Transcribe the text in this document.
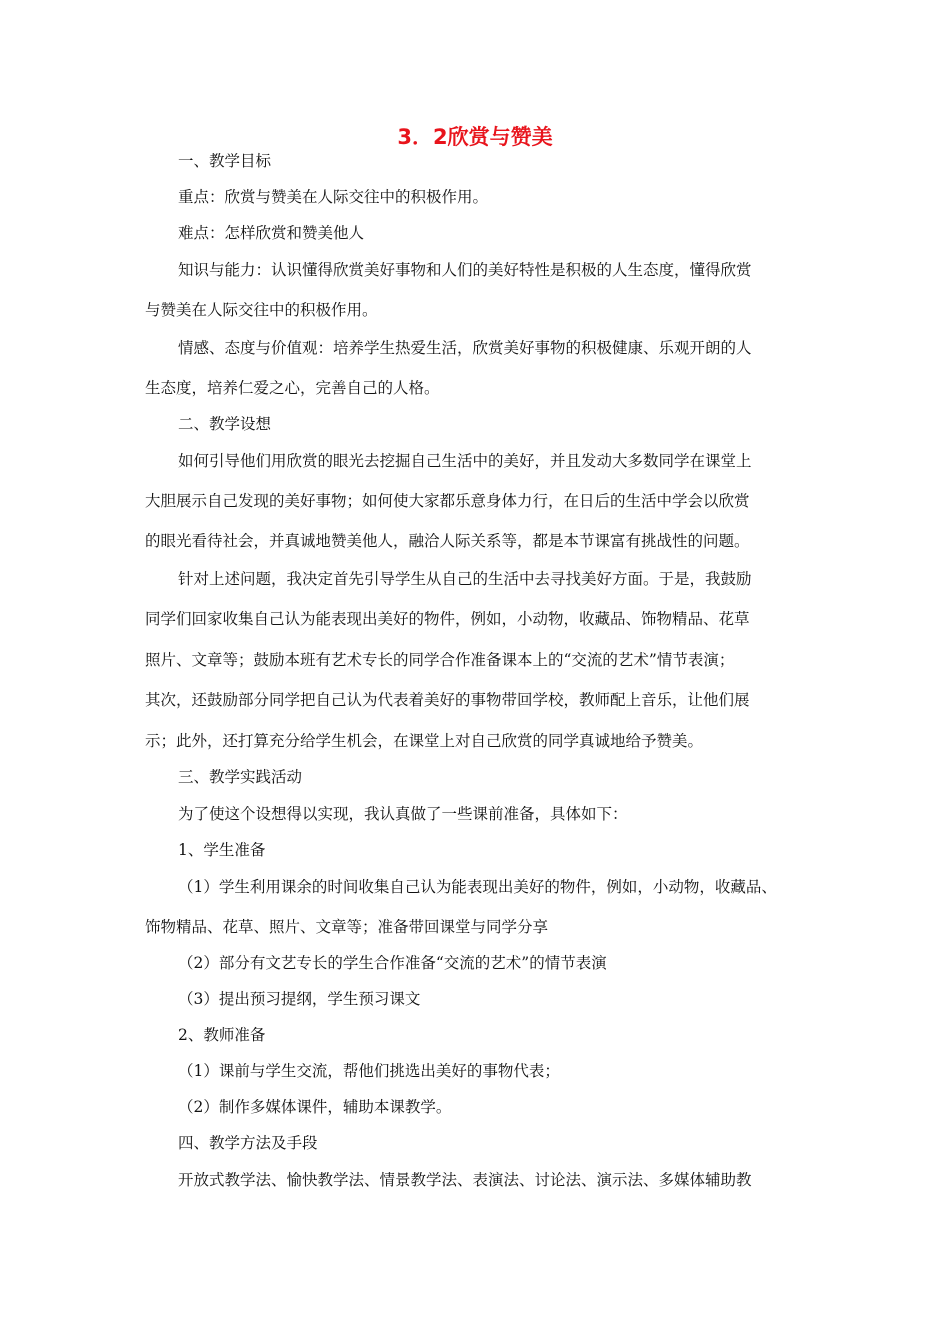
3．2欣赏与赞美
一、教学目标
重点：欣赏与赞美在人际交往中的积极作用。
难点：怎样欣赏和赞美他人
知识与能力：认识懂得欣赏美好事物和人们的美好特性是积极的人生态度，懂得欣赏
与赞美在人际交往中的积极作用。
情感、态度与价值观：培养学生热爱生活，欣赏美好事物的积极健康、乐观开朗的人
生态度，培养仁爱之心，完善自己的人格。
二、教学设想
如何引导他们用欣赏的眼光去挖掘自己生活中的美好，并且发动大多数同学在课堂上
大胆展示自己发现的美好事物；如何使大家都乐意身体力行，在日后的生活中学会以欣赏
的眼光看待社会，并真诚地赞美他人，融洽人际关系等，都是本节课富有挑战性的问题。
针对上述问题，我决定首先引导学生从自己的生活中去寻找美好方面。于是，我鼓励
同学们回家收集自己认为能表现出美好的物件，例如，小动物，收藏品、饰物精品、花草
照片、文章等；鼓励本班有艺术专长的同学合作准备课本上的“交流的艺术”情节表演；
其次，还鼓励部分同学把自己认为代表着美好的事物带回学校，教师配上音乐，让他们展
示；此外，还打算充分给学生机会，在课堂上对自己欣赏的同学真诚地给予赞美。
三、教学实践活动
为了使这个设想得以实现，我认真做了一些课前准备，具体如下：
1、学生准备
（1）学生利用课余的时间收集自己认为能表现出美好的物件，例如，小动物，收藏品、
饰物精品、花草、照片、文章等；准备带回课堂与同学分享
（2）部分有文艺专长的学生合作准备“交流的艺术”的情节表演
（3）提出预习提纲，学生预习课文
2、教师准备
（1）课前与学生交流，帮他们挑选出美好的事物代表；
（2）制作多媒体课件，辅助本课教学。
四、教学方法及手段
开放式教学法、愉快教学法、情景教学法、表演法、讨论法、演示法、多媒体辅助教
